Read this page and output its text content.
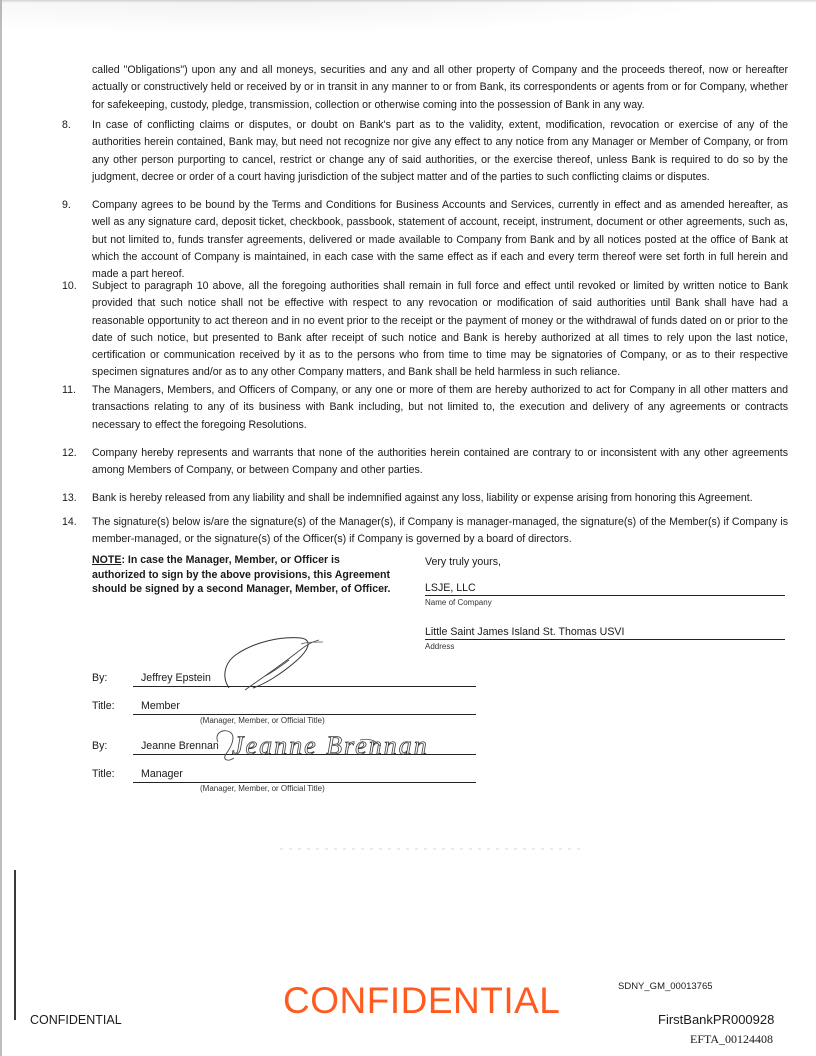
called "Obligations") upon any and all moneys, securities and any and all other property of Company and the proceeds thereof, now or hereafter actually or constructively held or received by or in transit in any manner to or from Bank, its correspondents or agents from or for Company, whether for safekeeping, custody, pledge, transmission, collection or otherwise coming into the possession of Bank in any way.
8.	In case of conflicting claims or disputes, or doubt on Bank's part as to the validity, extent, modification, revocation or exercise of any of the authorities herein contained, Bank may, but need not recognize nor give any effect to any notice from any Manager or Member of Company, or from any other person purporting to cancel, restrict or change any of said authorities, or the exercise thereof, unless Bank is required to do so by the judgment, decree or order of a court having jurisdiction of the subject matter and of the parties to such conflicting claims or disputes.
9.	Company agrees to be bound by the Terms and Conditions for Business Accounts and Services, currently in effect and as amended hereafter, as well as any signature card, deposit ticket, checkbook, passbook, statement of account, receipt, instrument, document or other agreements, such as, but not limited to, funds transfer agreements, delivered or made available to Company from Bank and by all notices posted at the office of Bank at which the account of Company is maintained, in each case with the same effect as if each and every term thereof were set forth in full herein and made a part hereof.
10.	Subject to paragraph 10 above, all the foregoing authorities shall remain in full force and effect until revoked or limited by written notice to Bank provided that such notice shall not be effective with respect to any revocation or modification of said authorities until Bank shall have had a reasonable opportunity to act thereon and in no event prior to the receipt or the payment of money or the withdrawal of funds dated on or prior to the date of such notice, but presented to Bank after receipt of such notice and Bank is hereby authorized at all times to rely upon the last notice, certification or communication received by it as to the persons who from time to time may be signatories of Company, or as to their respective specimen signatures and/or as to any other Company matters, and Bank shall be held harmless in such reliance.
11.	The Managers, Members, and Officers of Company, or any one or more of them are hereby authorized to act for Company in all other matters and transactions relating to any of its business with Bank including, but not limited to, the execution and delivery of any agreements or contracts necessary to effect the foregoing Resolutions.
12.	Company hereby represents and warrants that none of the authorities herein contained are contrary to or inconsistent with any other agreements among Members of Company, or between Company and other parties.
13.	Bank is hereby released from any liability and shall be indemnified against any loss, liability or expense arising from honoring this Agreement.
14.	The signature(s) below is/are the signature(s) of the Manager(s), if Company is manager-managed, the signature(s) of the Member(s) if Company is member-managed, or the signature(s) of the Officer(s) if Company is governed by a board of directors.
NOTE: In case the Manager, Member, or Officer is authorized to sign by the above provisions, this Agreement should be signed by a second Manager, Member, of Officer.
Very truly yours,
LSJE, LLC
Name of Company
Little Saint James Island St. Thomas USVI
Address
By:	Jeffrey Epstein
Title: Member
(Manager, Member, or Official Title)
By:	Jeanne Brennan Jeanne Brennan
Title: Manager
(Manager, Member, or Official Title)
CONFIDENTIAL	CONFIDENTIAL	SDNY_GM_00013765
FirstBankPR000928
EFTA_00124408
